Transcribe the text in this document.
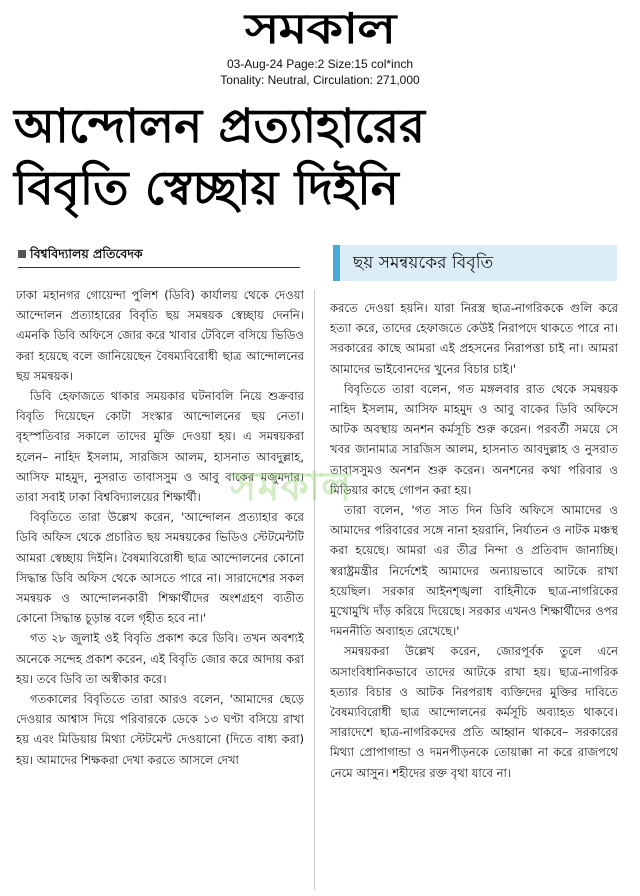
সমকাল
03-Aug-24 Page:2 Size:15 col*inch
Tonality: Neutral, Circulation: 271,000
আন্দোলন প্রত্যাহারের
বিবৃতি স্বেচ্ছায় দিইনি
বিশ্ববিদ্যালয় প্রতিবেদক	ছয় সমন্বয়কের বিবৃতি

ঢাকা মহানগর গোয়েন্দা পুলিশ (ডিবি) কার্যালয় থেকে দেওয়া আন্দোলন প্রত্যাহারের বিবৃতি ছয় সমন্বয়ক স্বেচ্ছায় দেননি। এমনকি ডিবি অফিসে জোর করে খাবার টেবিলে বসিয়ে ভিডিও করা হয়েছে বলে জানিয়েছেন বৈষম্যবিরোধী ছাত্র আন্দোলনের ছয় সমন্বয়ক।

ডিবি হেফাজতে থাকার সময়কার ঘটনাবলি নিয়ে শুক্রবার বিবৃতি দিয়েছেন কোটা সংস্কার আন্দোলনের ছয় নেতা। বৃহস্পতিবার সকালে তাদের মুক্তি দেওয়া হয়। এ সমন্বয়করা হলেন– নাহিদ ইসলাম, সারজিস আলম, হাসনাত আবদুল্লাহ, আসিফ মাহমুদ, নুসরাত তাবাসসুম ও আবু বাকের মজুমদার। তারা সবাই ঢাকা বিশ্ববিদ্যালয়ের শিক্ষার্থী।

বিবৃতিতে তারা উল্লেখ করেন, 'আন্দোলন প্রত্যাহার করে ডিবি অফিস থেকে প্রচারিত ছয় সমন্বয়কের ভিডিও স্টেটমেন্টটি আমরা স্বেচ্ছায় দিইনি। বৈষম্যবিরোধী ছাত্র আন্দোলনের কোনো সিদ্ধান্ত ডিবি অফিস থেকে আসতে পারে না। সারাদেশের সকল সমন্বয়ক ও আন্দোলনকারী শিক্ষার্থীদের অংশগ্রহণ ব্যতীত কোনো সিদ্ধান্ত চূড়ান্ত বলে গৃহীত হবে না।'

গত ২৮ জুলাই ওই বিবৃতি প্রকাশ করে ডিবি। তখন অবশ্যই অনেকে সন্দেহ প্রকাশ করেন, এই বিবৃতি জোর করে আদায় করা হয়। তবে ডিবি তা অস্বীকার করে।

গতকালের বিবৃতিতে তারা আরও বলেন, 'আমাদের ছেড়ে দেওয়ার আশ্বাস দিয়ে পরিবারকে ডেকে ১৩ ঘণ্টা বসিয়ে রাখা হয় এবং মিডিয়ায় মিথ্যা স্টেটমেন্ট দেওয়ানো (দিতে বাধ্য করা) হয়। আমাদের শিক্ষকরা দেখা করতে আসলে দেখা

করতে দেওয়া হয়নি। যারা নিরস্ত্র ছাত্র-নাগরিককে গুলি করে হত্যা করে, তাদের হেফাজতে কেউই নিরাপদে থাকতে পারে না। সরকারের কাছে আমরা এই প্রহসনের নিরাপত্তা চাই না। আমরা আমাদের ভাইবোনদের খুনের বিচার চাই।'

বিবৃতিতে তারা বলেন, গত মঙ্গলবার রাত থেকে সমন্বয়ক নাহিদ ইসলাম, আসিফ মাহমুদ ও আবু বাকের ডিবি অফিসে আটক অবস্থায় অনশন কর্মসূচি শুরু করেন। পরবর্তী সময়ে সে খবর জানামাত্র সারজিস আলম, হাসনাত আবদুল্লাহ ও নুসরাত তাবাসসুমও অনশন শুরু করেন। অনশনের কথা পরিবার ও মিডিয়ার কাছে গোপন করা হয়।

তারা বলেন, 'গত সাত দিন ডিবি অফিসে আমাদের ও আমাদের পরিবারের সঙ্গে নানা হয়রানি, নির্যাতন ও নাটক মঞ্চস্থ করা হয়েছে। আমরা এর তীব্র নিন্দা ও প্রতিবাদ জানাচ্ছি। স্বরাষ্ট্রমন্ত্রীর নির্দেশেই আমাদের অন্যায়ভাবে আটকে রাখা হয়েছিল। সরকার আইনশৃঙ্খলা বাহিনীকে ছাত্র-নাগরিকের মুখোমুখি দাঁড় করিয়ে দিয়েছে। সরকার এখনও শিক্ষার্থীদের ওপর দমননীতি অব্যাহত রেখেছে।'

সমন্বয়করা উল্লেখ করেন, জোরপূর্বক তুলে এনে অসাংবিধানিকভাবে তাদের আটকে রাখা হয়। ছাত্র-নাগরিক হত্যার বিচার ও আটক নিরপরাধ ব্যক্তিদের মুক্তির দাবিতে বৈষম্যবিরোধী ছাত্র আন্দোলনের কর্মসূচি অব্যাহত থাকবে। সারাদেশে ছাত্র-নাগরিকদের প্রতি আহ্বান থাকবে– সরকারের মিথ্যা প্রোপাগান্ডা ও দমনপীড়নকে তোয়াক্কা না করে রাজপথে নেমে আসুন। শহীদের রক্ত বৃথা যাবে না।

সমকাল
